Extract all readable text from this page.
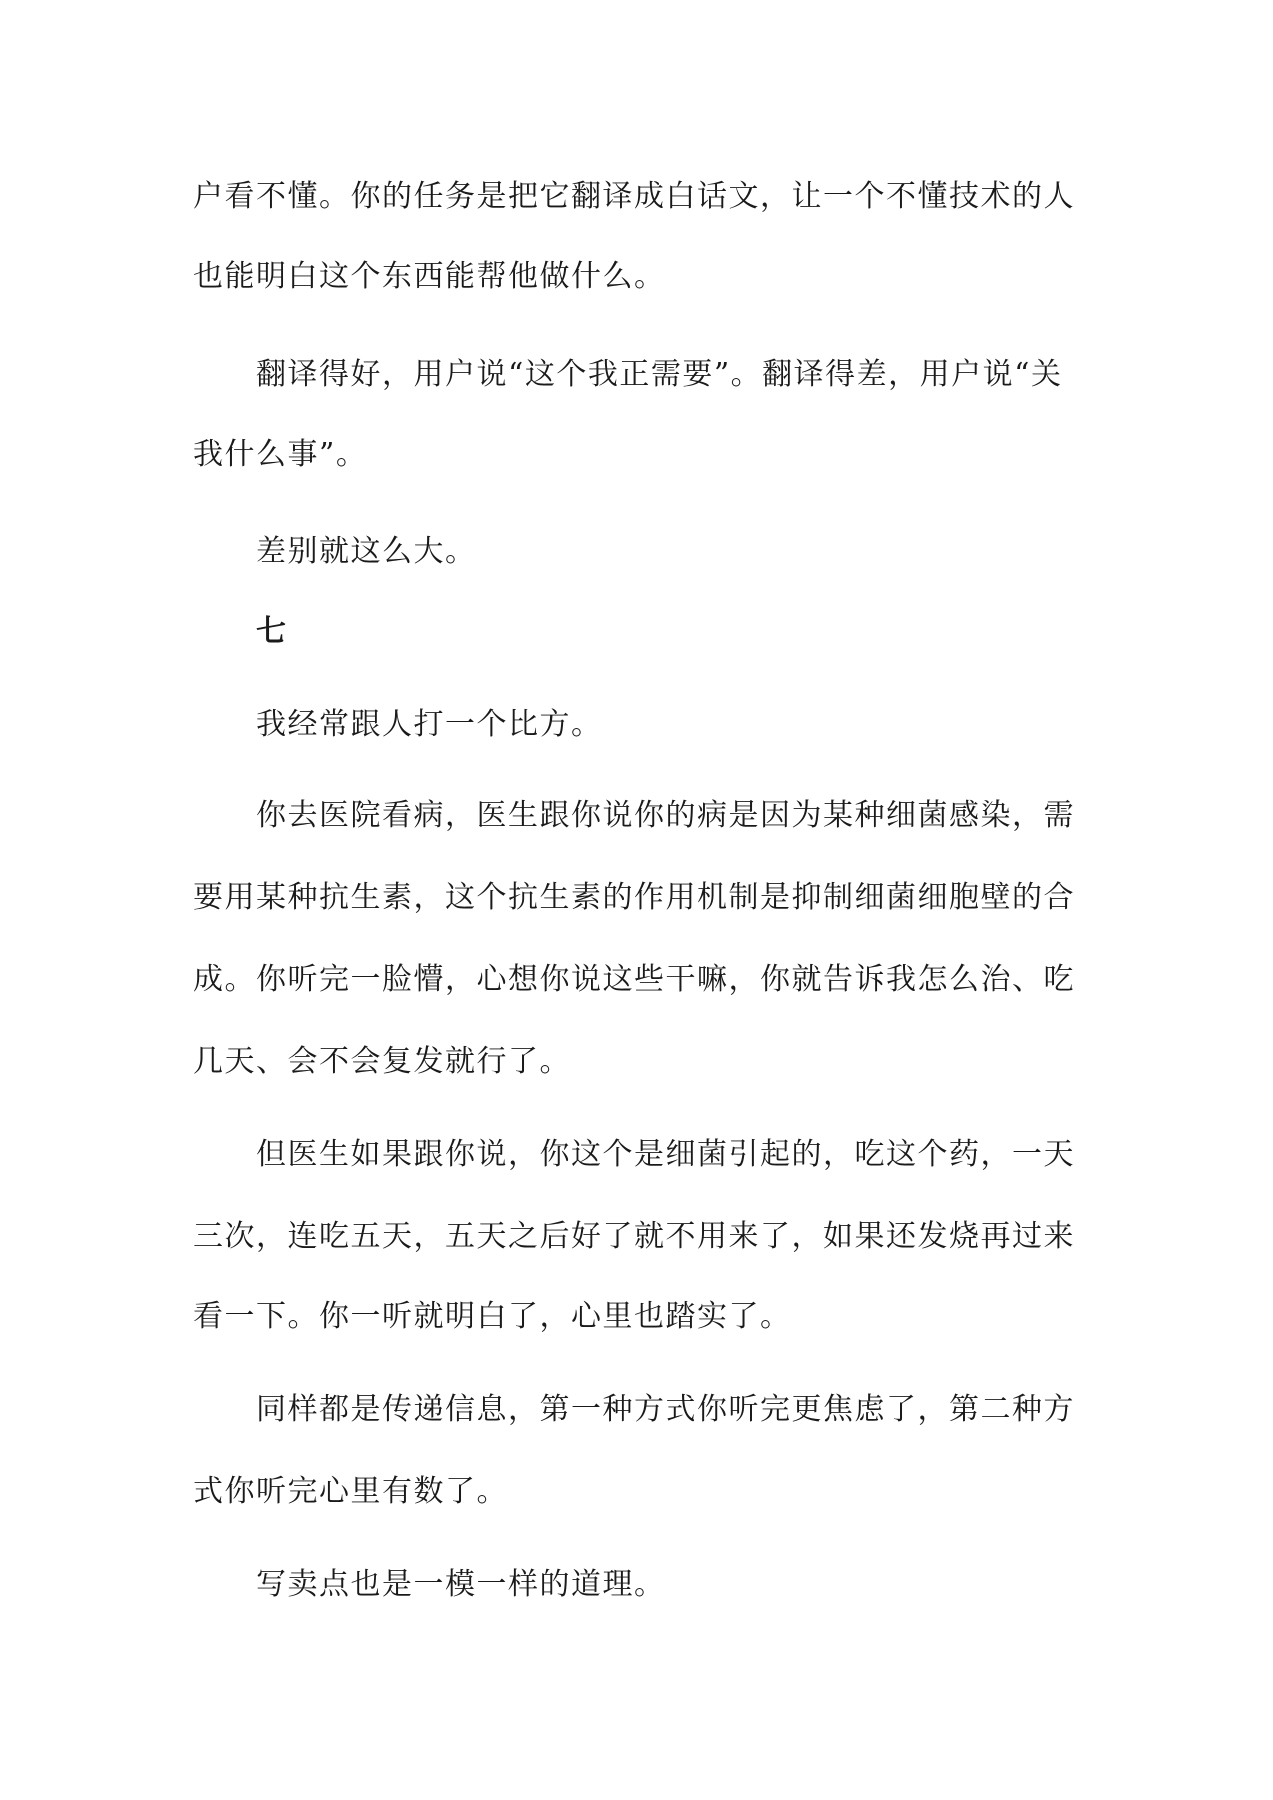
户看不懂。你的任务是把它翻译成白话文，让一个不懂技术的人
也能明白这个东西能帮他做什么。
翻译得好，用户说“这个我正需要”。翻译得差，用户说“关
我什么事”。
差别就这么大。
七
我经常跟人打一个比方。
你去医院看病，医生跟你说你的病是因为某种细菌感染，需
要用某种抗生素，这个抗生素的作用机制是抑制细菌细胞壁的合
成。你听完一脸懵，心想你说这些干嘛，你就告诉我怎么治、吃
几天、会不会复发就行了。
但医生如果跟你说，你这个是细菌引起的，吃这个药，一天
三次，连吃五天，五天之后好了就不用来了，如果还发烧再过来
看一下。你一听就明白了，心里也踏实了。
同样都是传递信息，第一种方式你听完更焦虑了，第二种方
式你听完心里有数了。
写卖点也是一模一样的道理。
